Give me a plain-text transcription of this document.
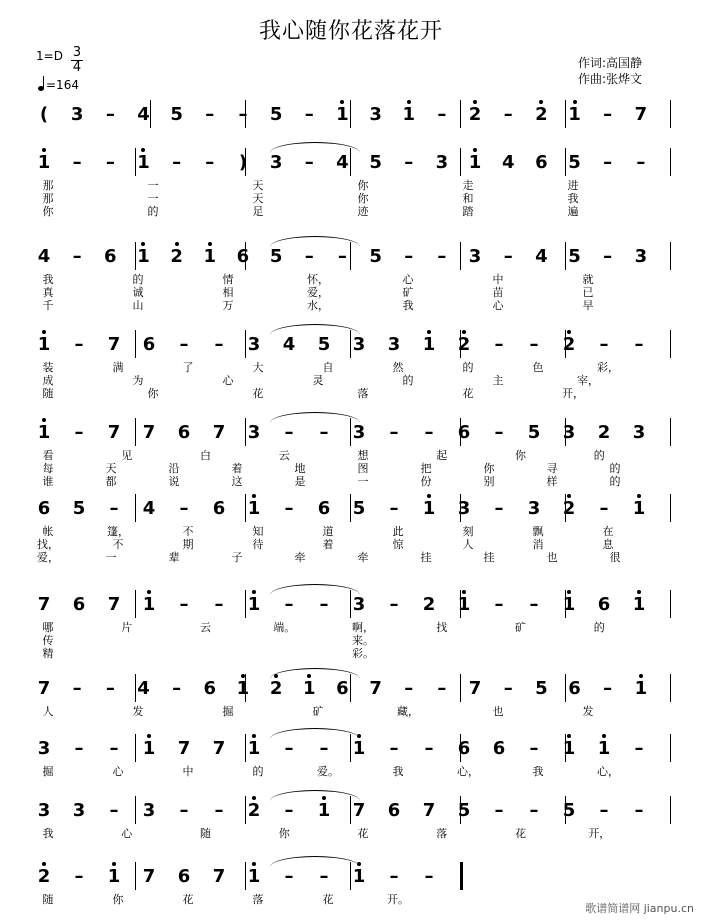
我心随你花落花开
作词:高国静
作曲:张烨文
1=D 3
4
=164
( 3 – 4 5 – – 5 – 1 3 1 – 2 – 2 1 – 7
1 – – 1 – – ) 3 – 4 5 – 3 1 4 6 5 – –
那	一	天	你	走	进
那	一	天	你	和	我
你	的	足	迹	踏	遍
4 – 6 1 2 1 6 5 – – 5 – – 3 – 4 5 – 3
我	的	情	怀，	心	中	就
真	诚	相	爱，	矿	苗	已
千	山	万	水，	我	心	早
1 – 7 6 – – 3 4 5 3 3 1 2 – – 2 – –
装	满	了	大	自	然	的	色	彩，
成	为	心	灵	的	主	宰，
随	你	花	落	花	开，
1 – 7 7 6 7 3 – – 3 – – 6 – 5 3 2 3
看	见	白	云	想	起	你	的
每	天	沿	着	地	图	把	你	寻	的
谁	都	说	这	是	一	份	别	样	的
6 5 – 4 – 6 1 – 6 5 – 1 3 – 3 2 – 1
帐	篷，	不	知	道	此	刻	飘	在
找，	不	期	待	着	惊	人	消	息
爱，	一	辈	子	牵	牵	挂	挂	也	很
7 6 7 1 – – 1 – – 3 – 2 1 – – 1 6 1
哪	片	云	端。	啊，	找	矿	的
传	来。
精	彩。
7 – – 4 – 6 1 2 1 6 7 – – 7 – 5 6 – 1
人	发	掘	矿	藏，	也	发
3 – – 1 7 7 1 – – 1 – – 6 6 – 1 1 –
掘	心	中	的	爱。	我	心，	我	心，
3 3 – 3 – – 2 – 1 7 6 7 5 – – 5 – –
我	心	随	你	花	落	花	开，
2 – 1 7 6 7 1 – – 1 – –
随	你	花	落	花	开。
歌谱简谱网 jianpu.cn
